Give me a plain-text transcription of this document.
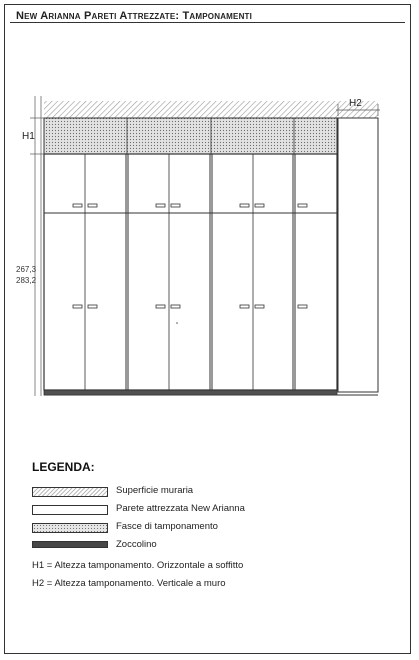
New Arianna Pareti Attrezzate: Tamponamenti
H1
267,3
283,2
H2
LEGENDA:
Superficie muraria
Parete attrezzata New Arianna
Fasce di tamponamento
Zoccolino
H1 = Altezza tamponamento. Orizzontale a soffitto
H2 = Altezza tamponamento. Verticale a muro
